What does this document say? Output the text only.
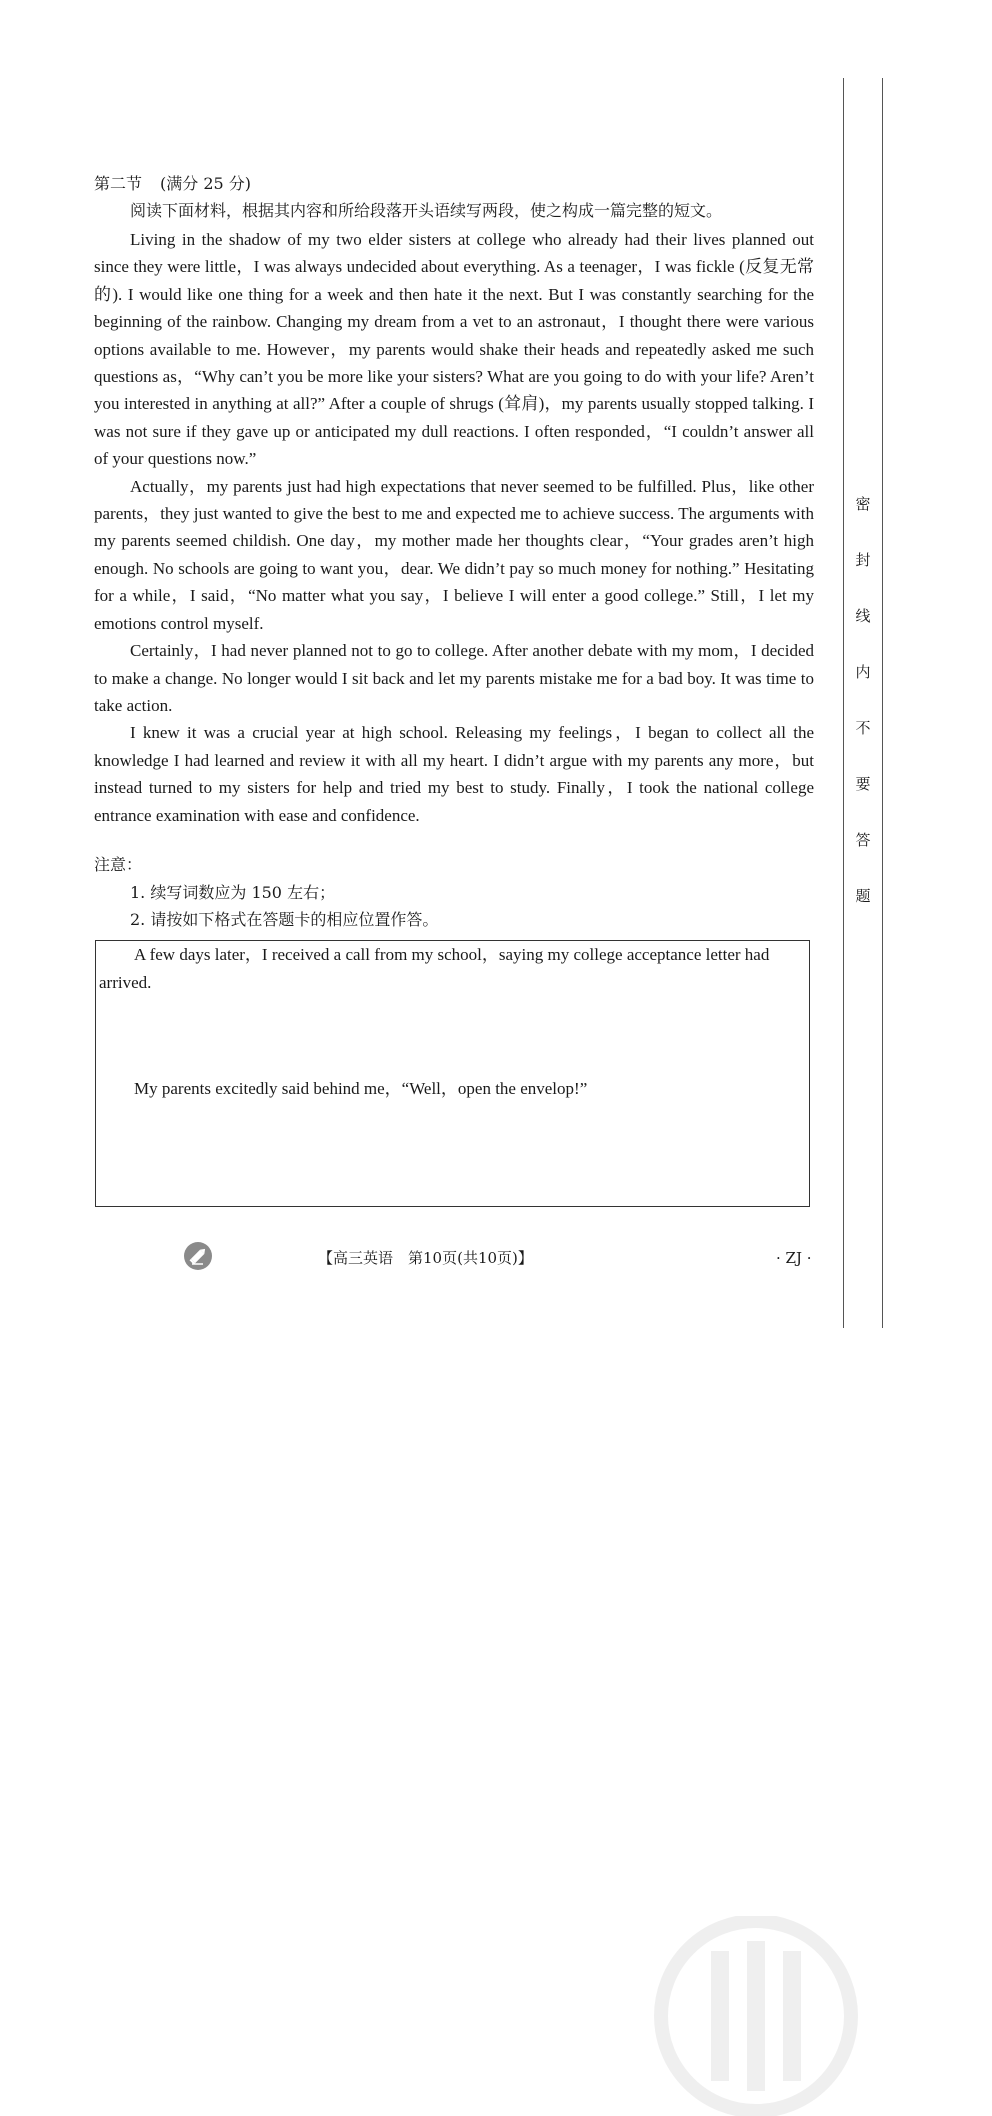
第二节 (满分 25 分)
阅读下面材料，根据其内容和所给段落开头语续写两段，使之构成一篇完整的短文。

Living in the shadow of my two elder sisters at college who already had their lives planned out since they were little，I was always undecided about everything. As a teenager，I was fickle (反复无常的). I would like one thing for a week and then hate it the next. But I was constantly searching for the beginning of the rainbow. Changing my dream from a vet to an astronaut，I thought there were various options available to me. However，my parents would shake their heads and repeatedly asked me such questions as，“Why can’t you be more like your sisters? What are you going to do with your life? Aren’t you interested in anything at all?” After a couple of shrugs (耸肩)，my parents usually stopped talking. I was not sure if they gave up or anticipated my dull reactions. I often responded，“I couldn’t answer all of your questions now.”

Actually，my parents just had high expectations that never seemed to be fulfilled. Plus，like other parents，they just wanted to give the best to me and expected me to achieve success. The arguments with my parents seemed childish. One day，my mother made her thoughts clear，“Your grades aren’t high enough. No schools are going to want you，dear. We didn’t pay so much money for nothing.” Hesitating for a while，I said，“No matter what you say，I believe I will enter a good college.” Still，I let my emotions control myself.

Certainly，I had never planned not to go to college. After another debate with my mom，I decided to make a change. No longer would I sit back and let my parents mistake me for a bad boy. It was time to take action.

I knew it was a crucial year at high school. Releasing my feelings，I began to collect all the knowledge I had learned and review it with all my heart. I didn’t argue with my parents any more，but instead turned to my sisters for help and tried my best to study. Finally，I took the national college entrance examination with ease and confidence.

注意：
1. 续写词数应为 150 左右；
2. 请按如下格式在答题卡的相应位置作答。
A few days later，I received a call from my school，saying my college acceptance letter had arrived.
My parents excitedly said behind me，“Well，open the envelop!”
【高三英语　第10页(共10页)】	· ZJ ·
密
封
线
内
不
要
答
题
